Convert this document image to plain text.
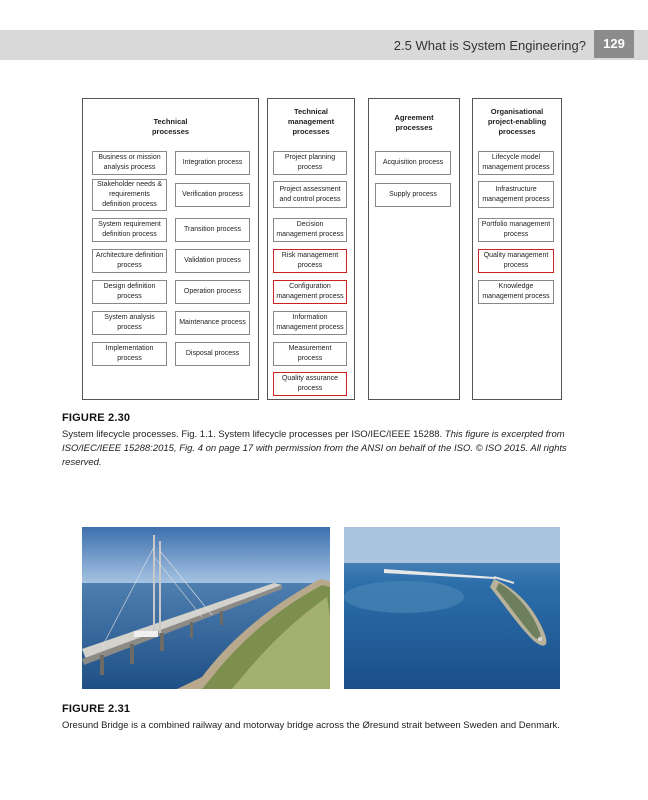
2.5 What is System Engineering?	129
Technical
processes
Business or mission analysis process
Stakeholder needs & requirements definition process
System requirement definition process
Architecture definition process
Design definition process
System analysis process
Implementation process
Integration process
Verification process
Transition process
Validation process
Operation process
Maintenance process
Disposal process
Technical
management
processes
Project planning process
Project assessment and control process
Decision management process
Risk management process
Configuration management process
Information management process
Measurement process
Quality assurance process
Agreement
processes
Acquisition process
Supply process
Organisational
project-enabling
processes
Lifecycle model management process
Infrastructure management process
Portfolio management process
Quality management process
Knowledge management process
FIGURE 2.30
System lifecycle processes. Fig. 1.1. System lifecycle processes per ISO/IEC/IEEE 15288. This figure is excerpted from ISO/IEC/IEEE 15288:2015, Fig. 4 on page 17 with permission from the ANSI on behalf of the ISO. © ISO 2015. All rights reserved.
FIGURE 2.31
Oresund Bridge is a combined railway and motorway bridge across the Øresund strait between Sweden and Denmark.
